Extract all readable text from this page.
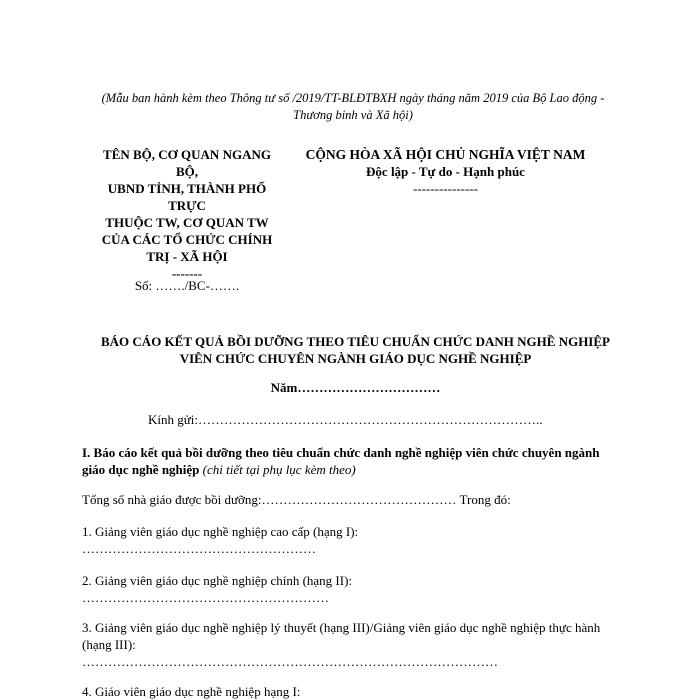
(Mẫu ban hành kèm theo Thông tư số /2019/TT-BLĐTBXH ngày tháng năm 2019 của Bộ Lao động - Thương binh và Xã hội)
TÊN BỘ, CƠ QUAN NGANG BỘ,
UBND TỈNH, THÀNH PHỐ TRỰC
THUỘC TW, CƠ QUAN TW
CỦA CÁC TỔ CHỨC CHÍNH
TRỊ - XÃ HỘI
-------
Số: ……./BC-…….
CỘNG HÒA XÃ HỘI CHỦ NGHĨA VIỆT NAM
Độc lập - Tự do - Hạnh phúc
---------------
BÁO CÁO KẾT QUẢ BỒI DƯỠNG THEO TIÊU CHUẨN CHỨC DANH NGHỀ NGHIỆP VIÊN CHỨC CHUYÊN NGÀNH GIÁO DỤC NGHỀ NGHIỆP
Năm……………………………
Kính gửi:……………………………………………………………………..
I. Báo cáo kết quả bồi dưỡng theo tiêu chuẩn chức danh nghề nghiệp viên chức chuyên ngành giáo dục nghề nghiệp (chi tiết tại phụ lục kèm theo)
Tổng số nhà giáo được bồi dưỡng:……………………………………… Trong đó:
1. Giảng viên giáo dục nghề nghiệp cao cấp (hạng I):
………………………………………………
2. Giảng viên giáo dục nghề nghiệp chính (hạng II):
…………………………………………………
3. Giảng viên giáo dục nghề nghiệp lý thuyết (hạng III)/Giảng viên giáo dục nghề nghiệp thực hành (hạng III):
……………………………………………………………………………………
4. Giáo viên giáo dục nghề nghiệp hạng I:
